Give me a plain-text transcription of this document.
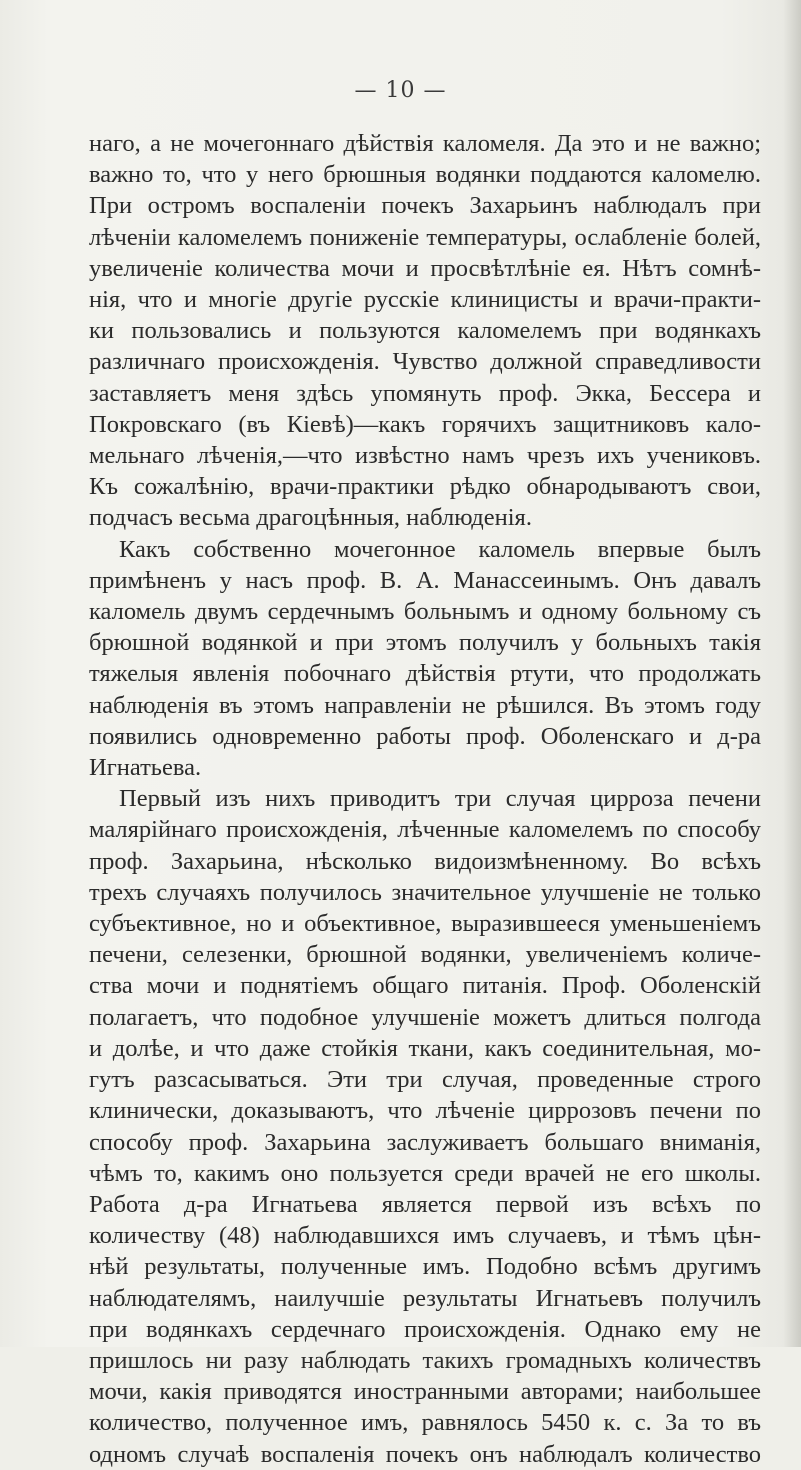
— 10 —
наго, а не мочегоннаго дѣйствія каломеля. Да это и не важно;
важно то, что у него брюшныя водянки поддаются каломелю.
При остромъ воспаленіи почекъ Захарьинъ наблюдалъ при
лѣченіи каломелемъ пониженіе температуры, ослабленіе болей,
увеличеніе количества мочи и просвѣтлѣніе ея. Нѣтъ сомнѣ-
нія, что и многіе другіе русскіе клиницисты и врачи-практи-
ки пользовались и пользуются каломелемъ при водянкахъ
различнаго происхожденія. Чувство должной справедливости
заставляетъ меня здѣсь упомянуть проф. Экка, Бессера и
Покровскаго (въ Кіевѣ)—какъ горячихъ защитниковъ кало-
мельнаго лѣченія,—что извѣстно намъ чрезъ ихъ учениковъ.
Къ сожалѣнію, врачи-практики рѣдко обнародываютъ свои,
подчасъ весьма драгоцѣнныя, наблюденія.
Какъ собственно мочегонное каломель впервые былъ
примѣненъ у насъ проф. В. А. Манассеинымъ. Онъ давалъ
каломель двумъ сердечнымъ больнымъ и одному больному съ
брюшной водянкой и при этомъ получилъ у больныхъ такія
тяжелыя явленія побочнаго дѣйствія ртути, что продолжать
наблюденія въ этомъ направленіи не рѣшился. Въ этомъ году
появились одновременно работы проф. Оболенскаго и д-ра
Игнатьева.
Первый изъ нихъ приводитъ три случая цирроза печени
малярійнаго происхожденія, лѣченные каломелемъ по способу
проф. Захарьина, нѣсколько видоизмѣненному. Во всѣхъ
трехъ случаяхъ получилось значительное улучшеніе не только
субъективное, но и объективное, выразившееся уменьшеніемъ
печени, селезенки, брюшной водянки, увеличеніемъ количе-
ства мочи и поднятіемъ общаго питанія. Проф. Оболенскій
полагаетъ, что подобное улучшеніе можетъ длиться полгода
и долѣе, и что даже стойкія ткани, какъ соединительная, мо-
гутъ разсасываться. Эти три случая, проведенные строго
клинически, доказываютъ, что лѣченіе циррозовъ печени по
способу проф. Захарьина заслуживаетъ большаго вниманія,
чѣмъ то, какимъ оно пользуется среди врачей не его школы.
Работа д-ра Игнатьева является первой изъ всѣхъ по
количеству (48) наблюдавшихся имъ случаевъ, и тѣмъ цѣн-
нѣй результаты, полученные имъ. Подобно всѣмъ другимъ
наблюдателямъ, наилучшіе результаты Игнатьевъ получилъ
при водянкахъ сердечнаго происхожденія. Однако ему не
пришлось ни разу наблюдать такихъ громадныхъ количествъ
мочи, какія приводятся иностранными авторами; наибольшее
количество, полученное имъ, равнялось 5450 к. с. За то въ
одномъ случаѣ воспаленія почекъ онъ наблюдалъ количество
